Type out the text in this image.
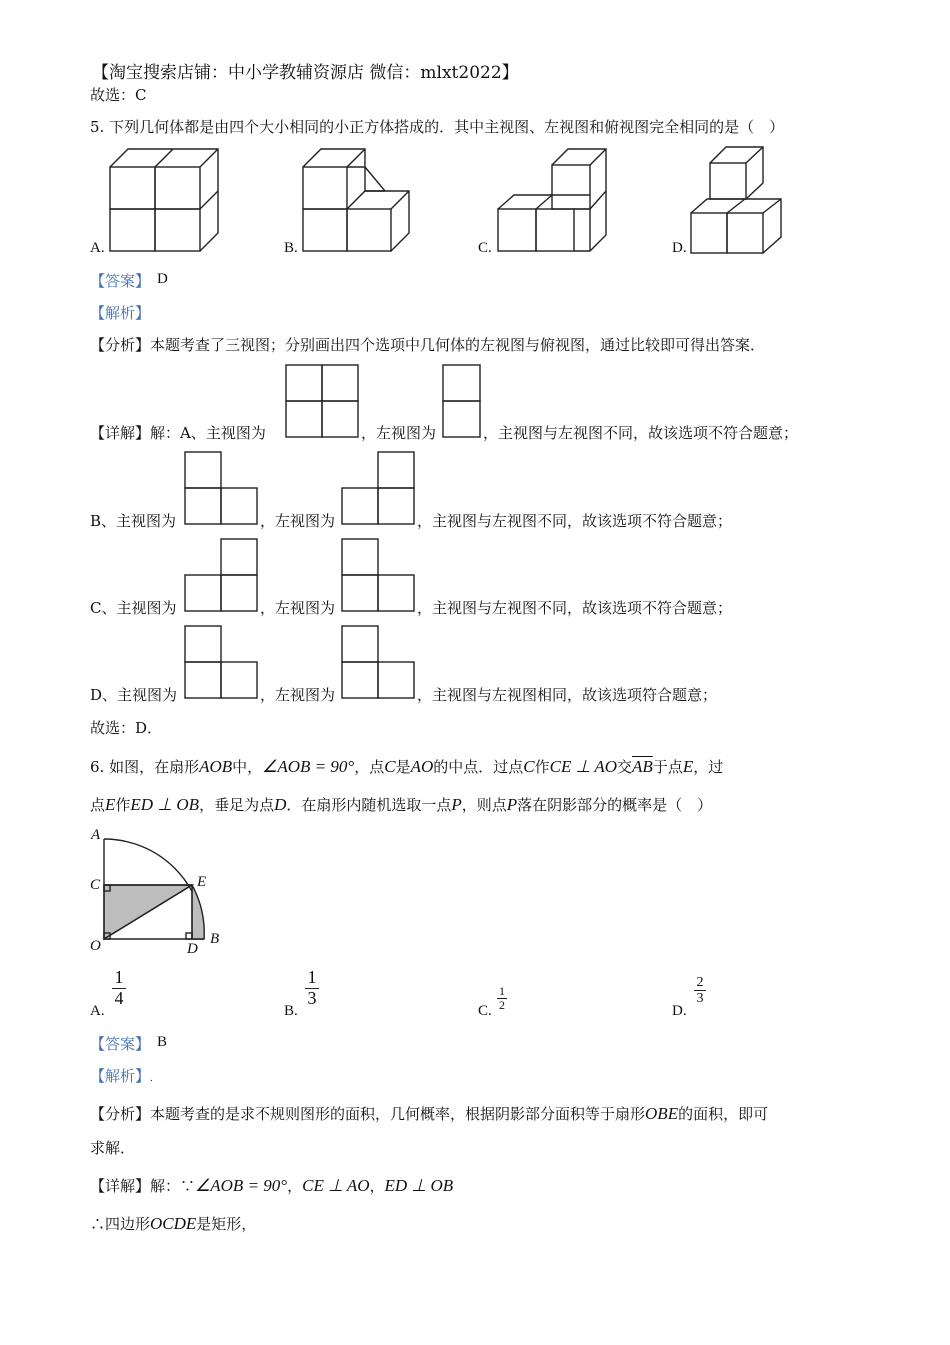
【淘宝搜索店铺：中小学教辅资源店 微信：mlxt2022】
故选：C
5. 下列几何体都是由四个大小相同的小正方体搭成的．其中主视图、左视图和俯视图完全相同的是（　）
A.	B.	C.	D.
【答案】 D
【解析】
【分析】本题考查了三视图；分别画出四个选项中几何体的左视图与俯视图，通过比较即可得出答案．
【详解】解：A、主视图为	，左视图为	，主视图与左视图不同，故该选项不符合题意；
B、主视图为	，左视图为	，主视图与左视图不同，故该选项不符合题意；
C、主视图为	，左视图为	，主视图与左视图不同，故该选项不符合题意；
D、主视图为	，左视图为	，主视图与左视图相同，故该选项符合题意；
故选：D．
6. 如图，在扇形AOB中，∠AOB = 90°，点C是AO的中点．过点C作CE ⊥ AO交$\overline{AB}$于点E，过
点E作ED ⊥ OB，垂足为点D．在扇形内随机选取一点P，则点P落在阴影部分的概率是（　）
A
C	E
O	D
B
A.
$\frac{1}{4}$
B.
$\frac{1}{3}$
C. $\frac{1}{2}$	D.
$\frac{2}{3}$
【答案】 B
【解析】.
【分析】本题考查的是求不规则图形的面积，几何概率，根据阴影部分面积等于扇形OBE的面积，即可
求解．
【详解】解：∵∠AOB = 90°，CE ⊥ AO，ED ⊥ OB
∴四边形OCDE是矩形，
